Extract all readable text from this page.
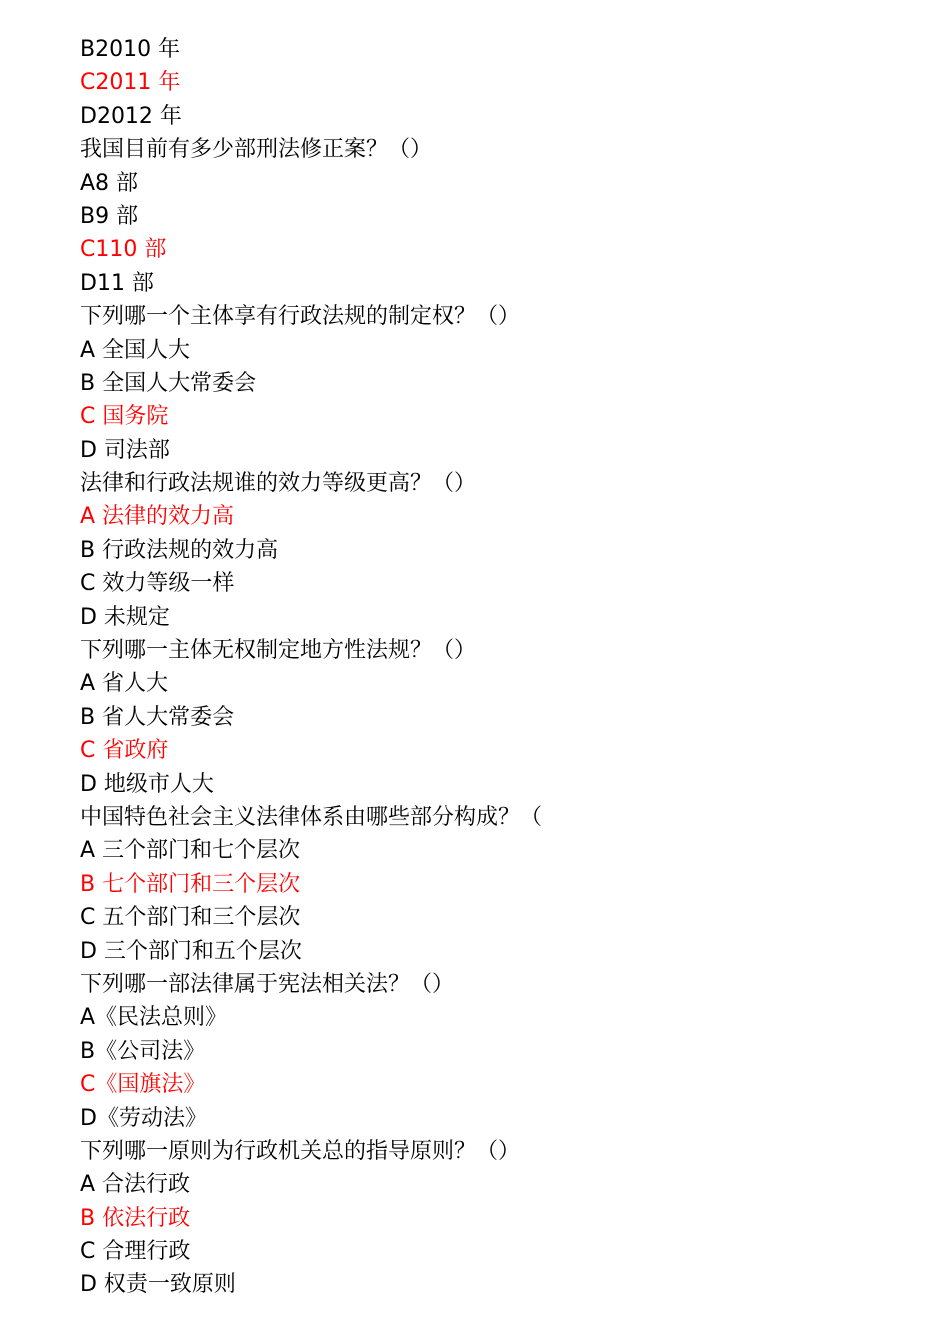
B2010 年
C2011 年
D2012 年
我国目前有多少部刑法修正案？（）
A8 部
B9 部
C110 部
D11 部
下列哪一个主体享有行政法规的制定权？（）
A 全国人大
B 全国人大常委会
C 国务院
D 司法部
法律和行政法规谁的效力等级更高？（）
A 法律的效力高
B 行政法规的效力高
C 效力等级一样
D 未规定
下列哪一主体无权制定地方性法规？（）
A 省人大
B 省人大常委会
C 省政府
D 地级市人大
中国特色社会主义法律体系由哪些部分构成？（
A 三个部门和七个层次
B 七个部门和三个层次
C 五个部门和三个层次
D 三个部门和五个层次
下列哪一部法律属于宪法相关法？（）
A《民法总则》
B《公司法》
C《国旗法》
D《劳动法》
下列哪一原则为行政机关总的指导原则？（）
A 合法行政
B 依法行政
C 合理行政
D 权责一致原则
